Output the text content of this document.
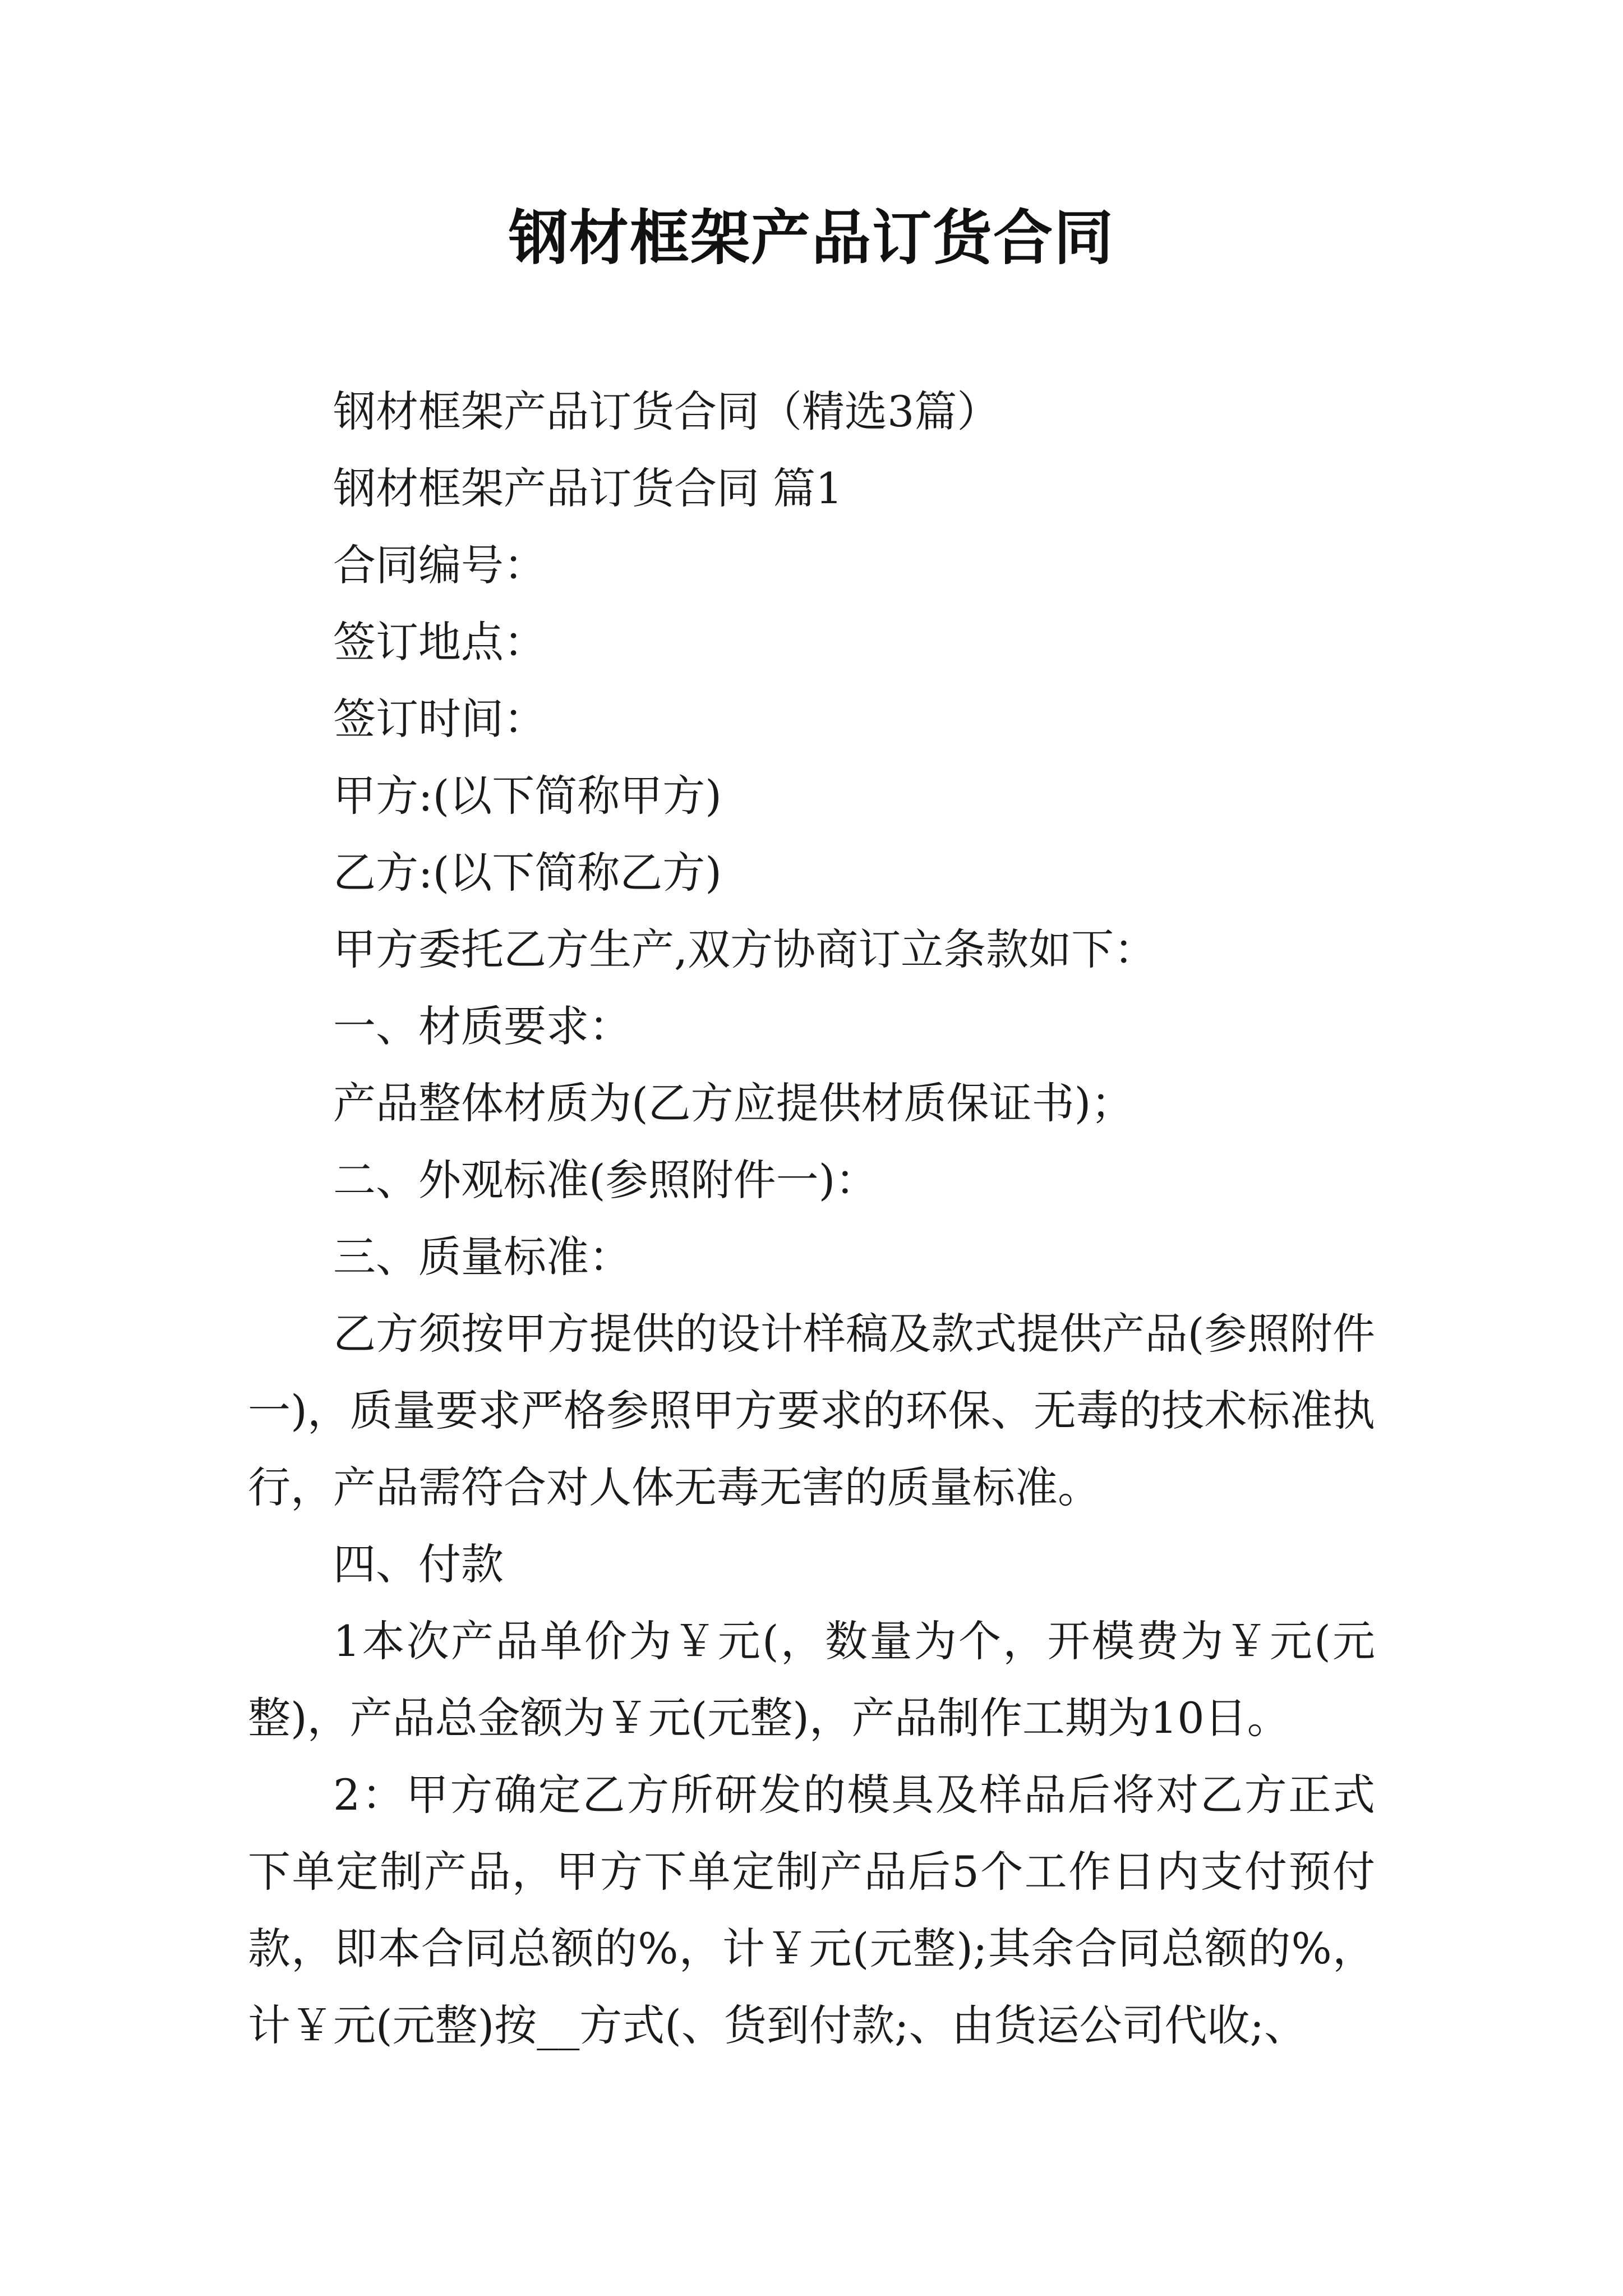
钢材框架产品订货合同

钢材框架产品订货合同（精选3篇）

钢材框架产品订货合同 篇1

合同编号：

签订地点：

签订时间：

甲方:(以下简称甲方)

乙方:(以下简称乙方)

甲方委托乙方生产,双方协商订立条款如下：

一、材质要求：

产品整体材质为(乙方应提供材质保证书)；

二、外观标准(参照附件一)：

三、质量标准：

乙方须按甲方提供的设计样稿及款式提供产品(参照附件一)，质量要求严格参照甲方要求的环保、无毒的技术标准执行，产品需符合对人体无毒无害的质量标准。

四、付款

1本次产品单价为￥元(，数量为个，开模费为￥元(元整)，产品总金额为￥元(元整)，产品制作工期为10日。

2：甲方确定乙方所研发的模具及样品后将对乙方正式下单定制产品，甲方下单定制产品后5个工作日内支付预付款，即本合同总额的%，计￥元(元整);其余合同总额的%，计￥元(元整)按__方式(、货到付款;、由货运公司代收;、
